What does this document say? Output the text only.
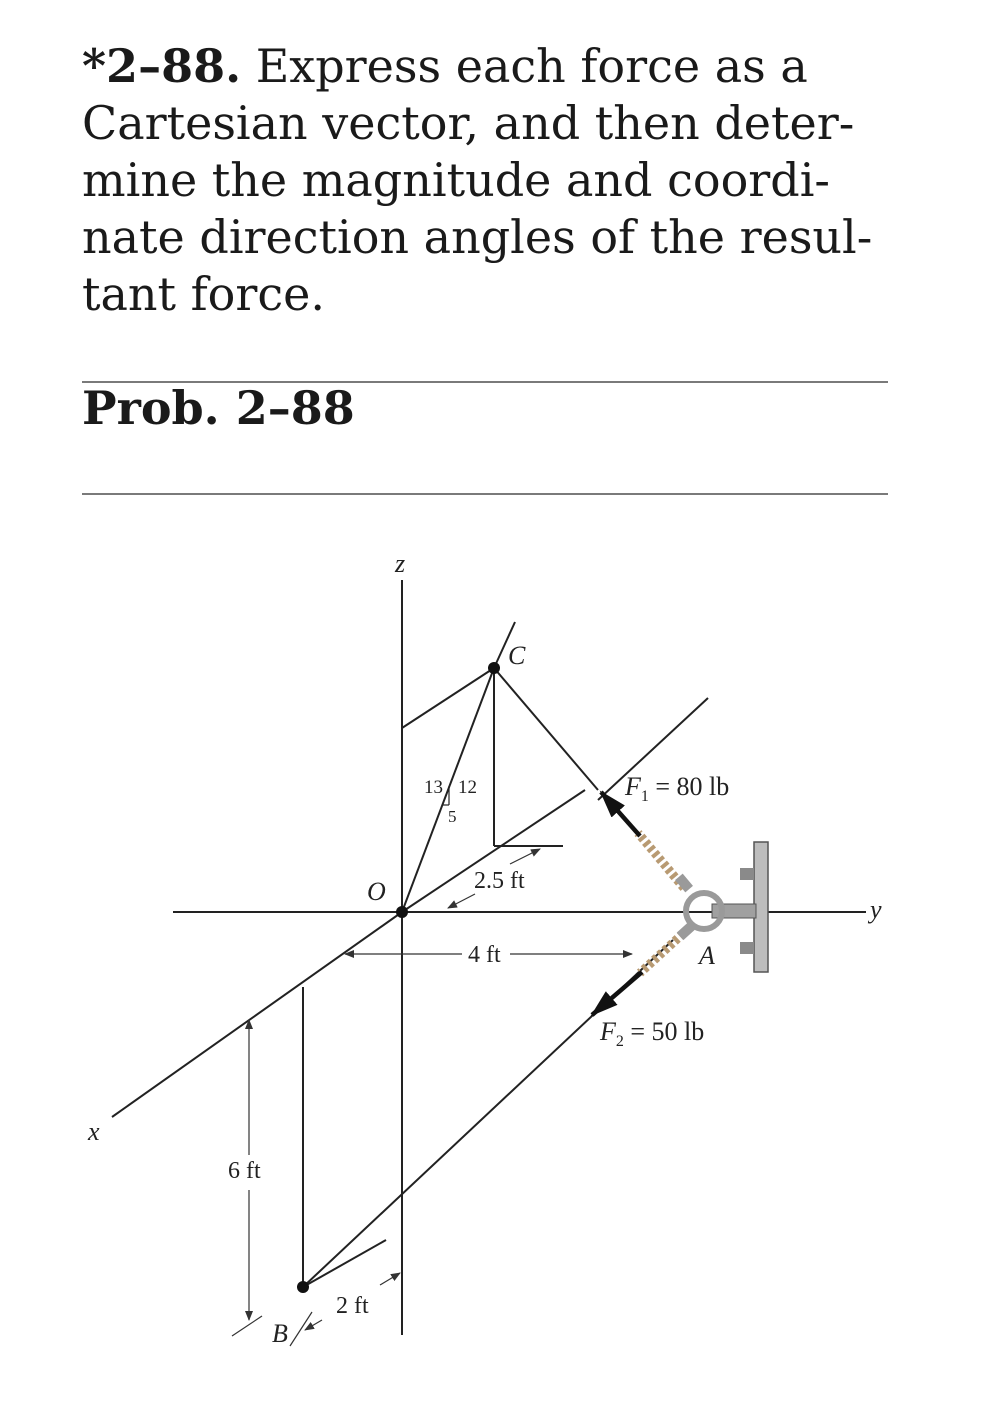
*2–88. Express each force as a
Cartesian vector, and then deter-
mine the magnitude and coordi-
nate direction angles of the resul-
tant force.
Prob. 2–88
13 12
5
2.5 ft
4 ft
6 ft
2 ft
z
y
x
O
C
A
B
$F_1 = 80$ lb
$F_2 = 50$ lb
